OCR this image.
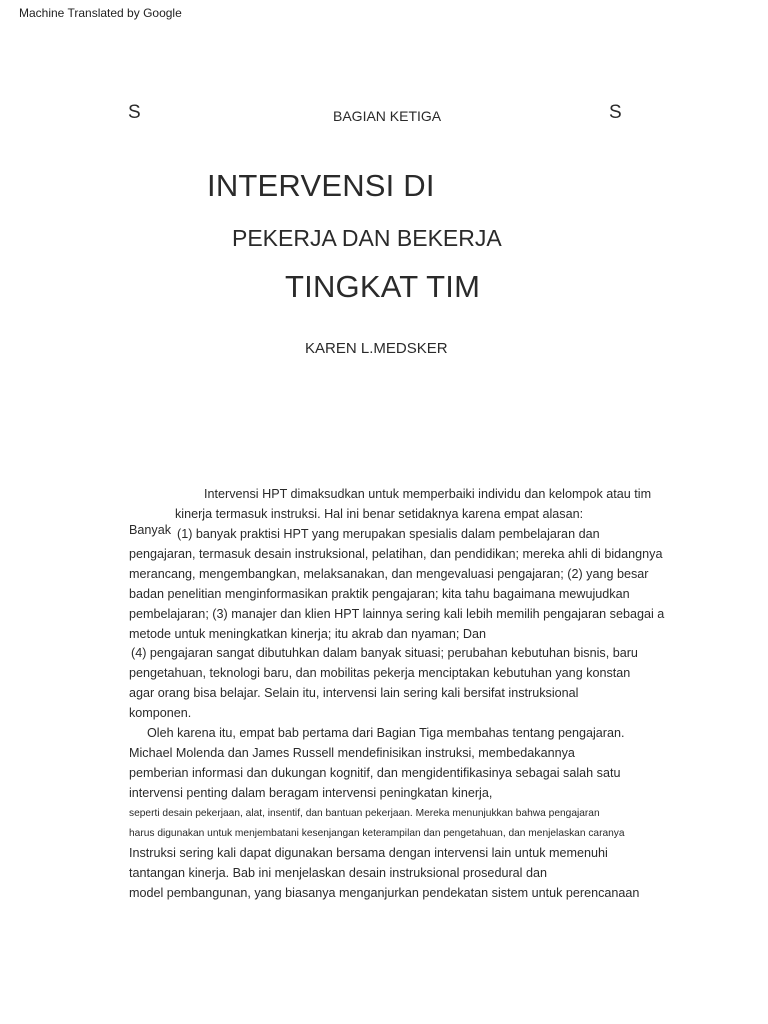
Machine Translated by Google
S	S
BAGIAN KETIGA
INTERVENSI DI
PEKERJA DAN BEKERJA
TINGKAT TIM
KAREN L.MEDSKER
Banyak
Intervensi HPT dimaksudkan untuk memperbaiki individu dan kelompok atau tim
kinerja termasuk instruksi. Hal ini benar setidaknya karena empat alasan:
(1) banyak praktisi HPT yang merupakan spesialis dalam pembelajaran dan
pengajaran, termasuk desain instruksional, pelatihan, dan pendidikan; mereka ahli di bidangnya
merancang, mengembangkan, melaksanakan, dan mengevaluasi pengajaran; (2) yang besar
badan penelitian menginformasikan praktik pengajaran; kita tahu bagaimana mewujudkan
pembelajaran; (3) manajer dan klien HPT lainnya sering kali lebih memilih pengajaran sebagai a
metode untuk meningkatkan kinerja; itu akrab dan nyaman; Dan
(4) pengajaran sangat dibutuhkan dalam banyak situasi; perubahan kebutuhan bisnis, baru
pengetahuan, teknologi baru, dan mobilitas pekerja menciptakan kebutuhan yang konstan
agar orang bisa belajar. Selain itu, intervensi lain sering kali bersifat instruksional
komponen.
Oleh karena itu, empat bab pertama dari Bagian Tiga membahas tentang pengajaran.
Michael Molenda dan James Russell mendefinisikan instruksi, membedakannya
pemberian informasi dan dukungan kognitif, dan mengidentifikasinya sebagai salah satu
intervensi penting dalam beragam intervensi peningkatan kinerja,
seperti desain pekerjaan, alat, insentif, dan bantuan pekerjaan. Mereka menunjukkan bahwa pengajaran
harus digunakan untuk menjembatani kesenjangan keterampilan dan pengetahuan, dan menjelaskan caranya
Instruksi sering kali dapat digunakan bersama dengan intervensi lain untuk memenuhi
tantangan kinerja. Bab ini menjelaskan desain instruksional prosedural dan
model pembangunan, yang biasanya menganjurkan pendekatan sistem untuk perencanaan
